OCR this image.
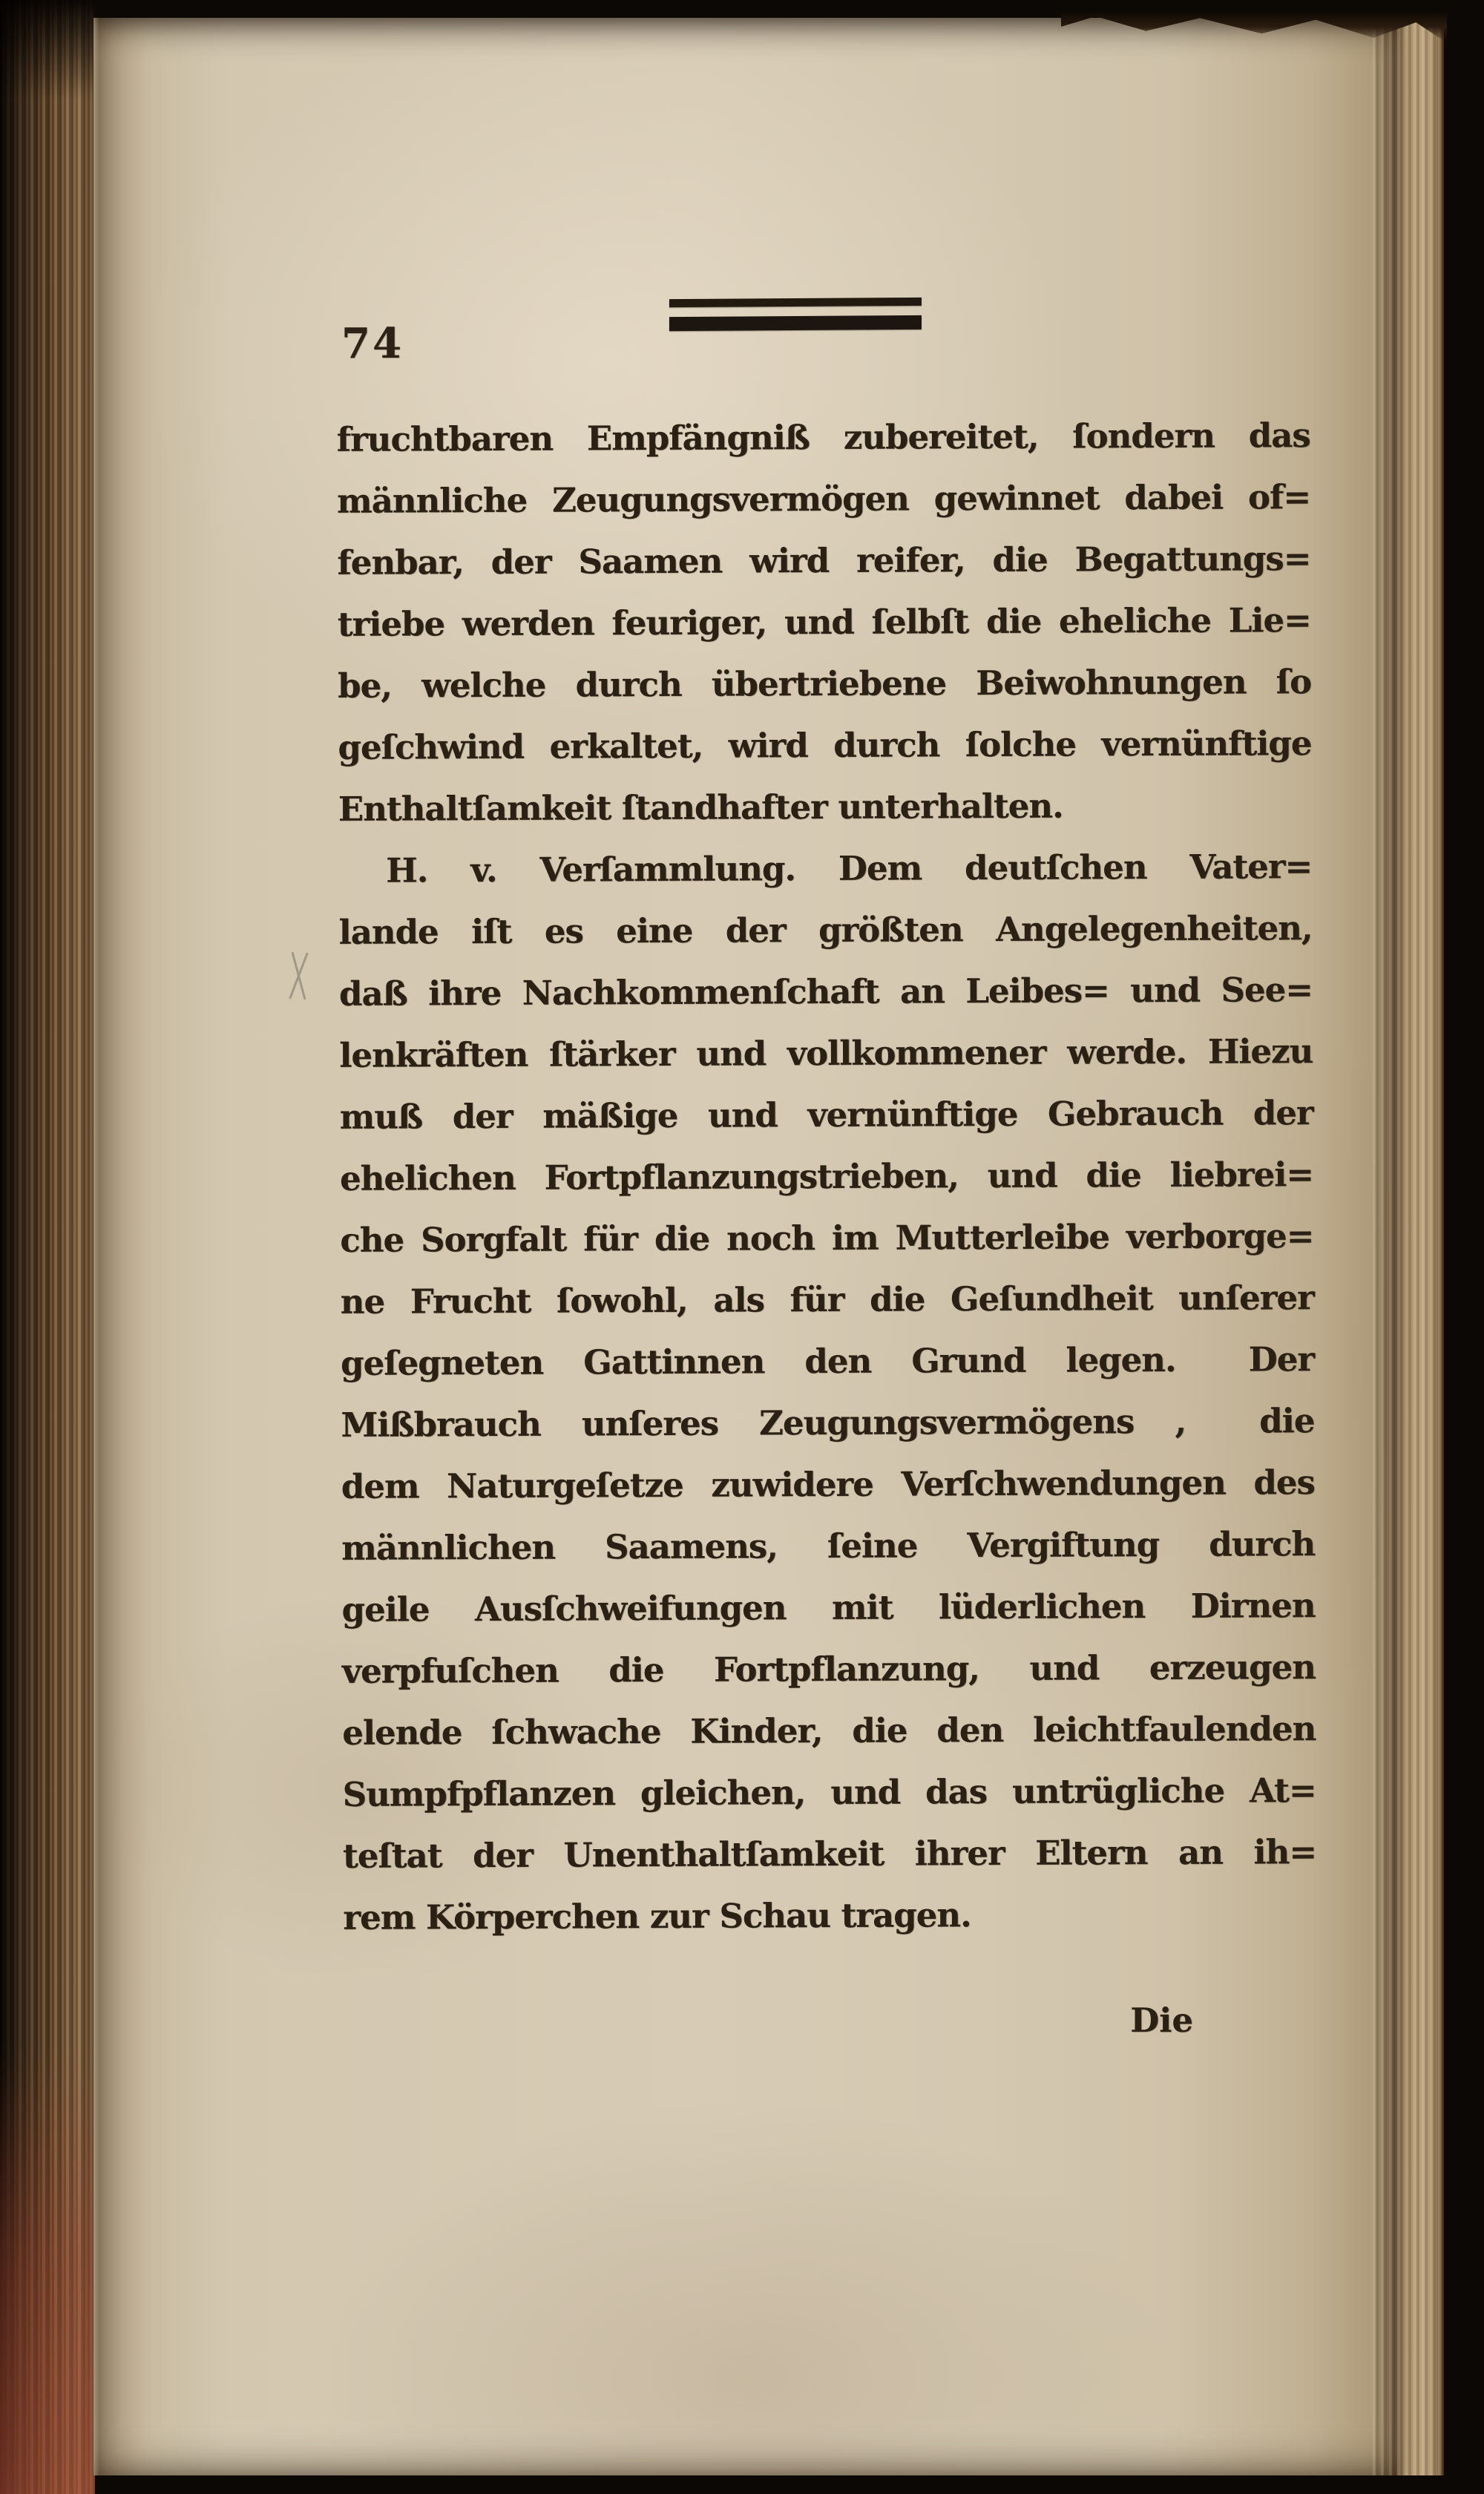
74
fruchtbaren Empfängniß zubereitet, ſondern das
männliche Zeugungsvermögen gewinnet dabei of=
fenbar, der Saamen wird reifer, die Begattungs=
triebe werden feuriger, und ſelbſt die eheliche Lie=
be, welche durch übertriebene Beiwohnungen ſo
geſchwind erkaltet, wird durch ſolche vernünftige
Enthaltſamkeit ſtandhafter unterhalten.
H. v. Verſammlung. Dem deutſchen Vater=
lande iſt es eine der größten Angelegenheiten,
daß ihre Nachkommenſchaft an Leibes= und See=
lenkräften ſtärker und vollkommener werde. Hiezu
muß der mäßige und vernünftige Gebrauch der
ehelichen Fortpflanzungstrieben, und die liebrei=
che Sorgfalt für die noch im Mutterleibe verborge=
ne Frucht ſowohl, als für die Geſundheit unſerer
geſegneten Gattinnen den Grund legen.  Der
Mißbrauch unſeres Zeugungsvermögens ,  die
dem Naturgeſetze zuwidere Verſchwendungen des
männlichen Saamens, ſeine Vergiftung durch
geile Ausſchweifungen mit lüderlichen Dirnen
verpfuſchen die Fortpflanzung, und erzeugen
elende ſchwache Kinder, die den leichtfaulenden
Sumpfpflanzen gleichen, und das untrügliche At=
teſtat der Unenthaltſamkeit ihrer Eltern an ih=
rem Körperchen zur Schau tragen.
Die
